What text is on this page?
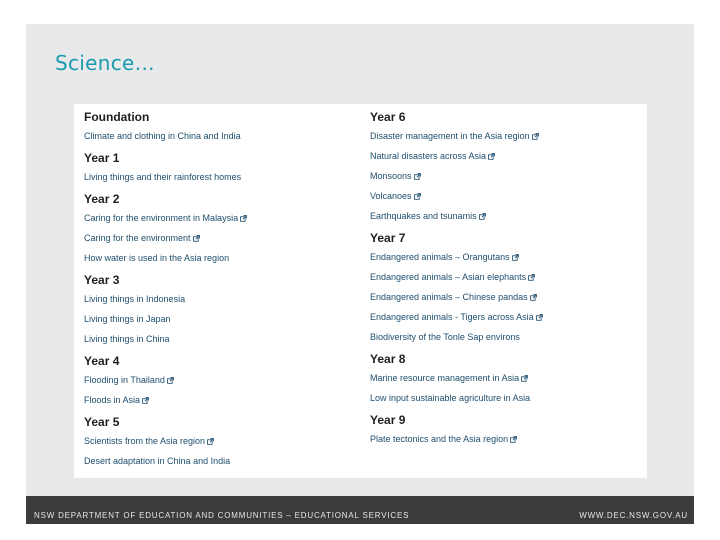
Science…
Foundation
Climate and clothing in China and India
Year 1
Living things and their rainforest homes
Year 2
Caring for the environment in Malaysia
Caring for the environment
How water is used in the Asia region
Year 3
Living things in Indonesia
Living things in Japan
Living things in China
Year 4
Flooding in Thailand
Floods in Asia
Year 5
Scientists from the Asia region
Desert adaptation in China and India
Year 6
Disaster management in the Asia region
Natural disasters across Asia
Monsoons
Volcanoes
Earthquakes and tsunamis
Year 7
Endangered animals – Orangutans
Endangered animals – Asian elephants
Endangered animals – Chinese pandas
Endangered animals - Tigers across Asia
Biodiversity of the Tonle Sap environs
Year 8
Marine resource management in Asia
Low input sustainable agriculture in Asia
Year 9
Plate tectonics and the Asia region
NSW DEPARTMENT OF EDUCATION AND COMMUNITIES – EDUCATIONAL SERVICES	WWW.DEC.NSW.GOV.AU
